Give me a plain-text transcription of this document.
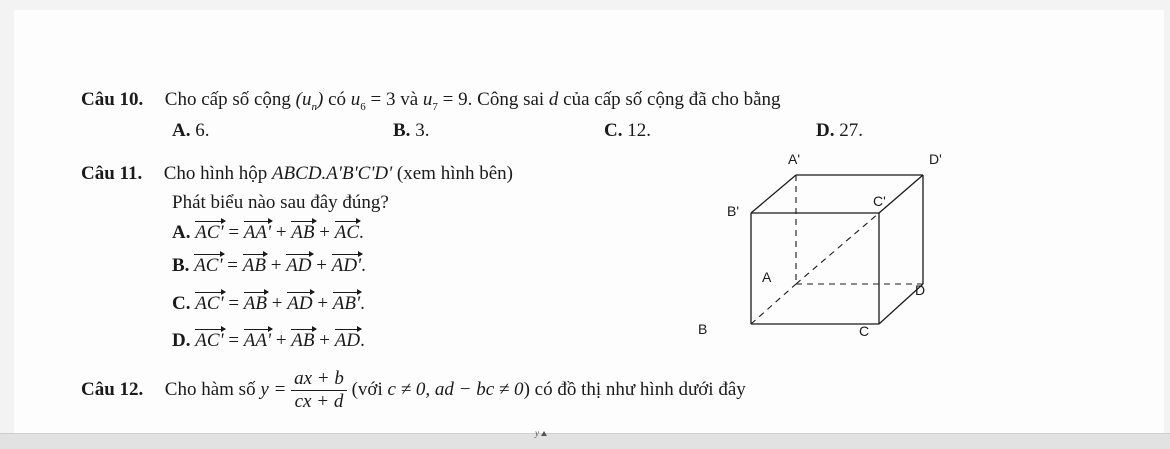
Câu 10. Cho cấp số cộng $(u_n)$ có $u_6 = 3$ và $u_7 = 9$. Công sai d của cấp số cộng đã cho bằng
A. 6.	B. 3.	C. 12.	D. 27.
Câu 11. Cho hình hộp ABCD.A'B'C'D' (xem hình bên)
Phát biểu nào sau đây đúng?
A. AC' = AA' + AB + AC.
B. AC' = AB + AD + AD'.
C. AC' = AB + AD + AB'.
D. AC' = AA' + AB + AD.
A'	D'
B'
C'
A
D
B	C
Câu 12. Cho hàm số $y = \frac{ax + b}{cx + d}$ (với c ≠ 0, ad − bc ≠ 0) có đồ thị như hình dưới đây
y
